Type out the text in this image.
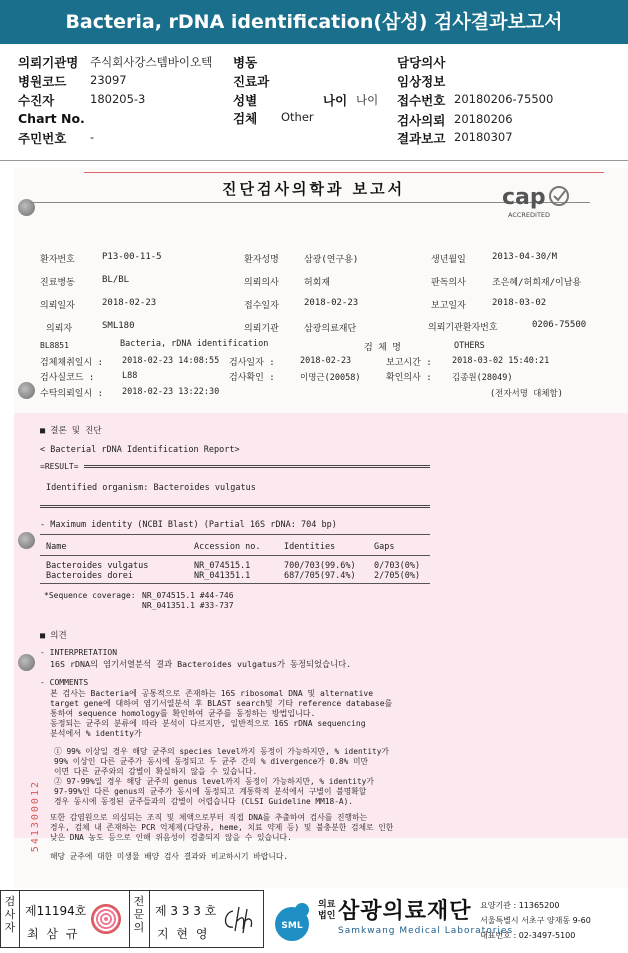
Bacteria, rDNA identification(삼성) 검사결과보고서
의뢰기관명 주식회사강스템바이오텍
병원코드 23097
수진자	180205-3
Chart No.
주민번호 -
병동
진료과
성별	나이 나이
검체 Other
담당의사
임상정보
접수번호 20180206-75500
검사의뢰 20180206
결과보고 20180307
진단검사의학과 보고서	cap
ACCREDITED
환자번호	P13-00-11-5	환자성명	삼광(연구용)	생년월일	2013-04-30/M
진료병동	BL/BL	의뢰의사	허회재	판독의사	조은혜/허희재/이남용
의뢰일자	2018-02-23	접수일자	2018-02-23	보고일자	2018-03-02
의뢰자	SML180	의뢰기관	삼광의료재단	의뢰기관환자번호	0206-75500
BL8851	Bacteria, rDNA identification	검 체 명	OTHERS
검체채취일시 : 2018-02-23 14:08:55 검사일자 :	2018-02-23	보고시간 : 2018-03-02 15:40:21
검사실코드 :	L88	검사확인 :	이명근(20058)	확인의사 : 김종원(28049)
수탁의뢰일시 : 2018-02-23 13:22:30	(전자서명 대체함)
■ 결론 및 진단
< Bacterial rDNA Identification Report>
=RESULT=
Identified organism: Bacteroides vulgatus
- Maximum identity (NCBI Blast) (Partial 16S rDNA: 704 bp)
Name	Accession no.	Identities	Gaps
Bacteroides vulgatus	NR_074515.1	700/703(99.6%) 0/703(0%)
Bacteroides dorei	NR_041351.1	687/705(97.4%) 2/705(0%)
*Sequence coverage: NR_074515.1 #44-746
NR_041351.1 #33-737
■ 의견
- INTERPRETATION
16S rDNA의 염기서열분석 결과 Bacteroides vulgatus가 동정되었습니다.
- COMMENTS
본 검사는 Bacteria에 공통적으로 존재하는 16S ribosomal DNA 및 alternative
target gene에 대하여 염기서열분석 후 BLAST search및 기타 reference database를
통하여 sequence homology를 확인하여 균주를 동정하는 방법입니다.
동정되는 균주의 분류에 따라 분석이 다르지만, 일반적으로 16S rDNA sequencing
분석에서 % identity가
① 99% 이상일 경우 해당 균주의 species level까지 동정이 가능하지만, % identity가
99% 이상인 다른 균주가 동시에 동정되고 두 균주 간의 % divergence가 0.8% 미만
이면 다른 균주와의 감별이 확실하지 않을 수 있습니다.
② 97-99%일 경우 해당 균주의 genus level까지 동정이 가능하지만, % identity가
97-99%인 다른 genus의 균주가 동시에 동정되고 계통학적 분석에서 구별이 불명확할
경우 동시에 동정된 균주들과의 감별이 어렵습니다 (CLSI Guideline MM18-A).
또한 감염원으로 의심되는 조직 및 체액으로부터 직접 DNA를 추출하여 검사를 진행하는
경우, 검체 내 존재하는 PCR 억제제(다당류, heme, 치료 약제 등) 및 불충분한 검체로 인한
낮은 DNA 농도 등으로 인해 위음성이 검출되지 않을 수 있습니다.
해당 균주에 대한 미생물 배양 검사 결과와 비교하시기 바랍니다.
541300012
검사자
제11194호
최 삼 규
전문의
제 3 3 3 호
지 현 영
SML
의료법인 삼광의료재단
Samkwang Medical Laboratories
요양기관 : 11365200
서울특별시 서초구 양재동 9-60
대표번호 : 02-3497-5100
